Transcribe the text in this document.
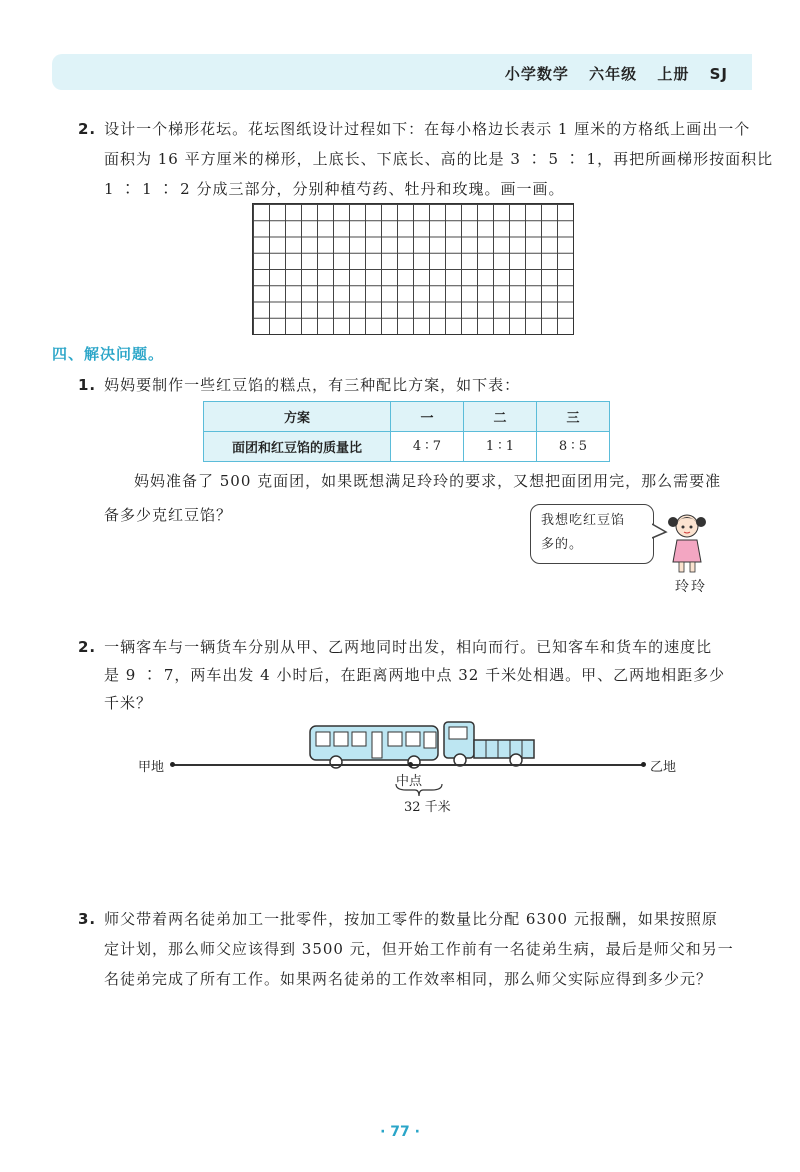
小学数学 六年级 上册 SJ
2. 设计一个梯形花坛。花坛图纸设计过程如下：在每小格边长表示 1 厘米的方格纸上画出一个
面积为 16 平方厘米的梯形，上底长、下底长、高的比是 3 ∶ 5 ∶ 1，再把所画梯形按面积比
1 ∶ 1 ∶ 2 分成三部分，分别种植芍药、牡丹和玫瑰。画一画。
四、解决问题。
1. 妈妈要制作一些红豆馅的糕点，有三种配比方案，如下表：
方案	一	二	三
面团和红豆馅的质量比	4 ∶ 7	1 ∶ 1	8 ∶ 5
妈妈准备了 500 克面团，如果既想满足玲玲的要求，又想把面团用完，那么需要准
备多少克红豆馅？	我想吃红豆馅
多的。
玲玲
2. 一辆客车与一辆货车分别从甲、乙两地同时出发，相向而行。已知客车和货车的速度比
是 9 ∶ 7，两车出发 4 小时后，在距离两地中点 32 千米处相遇。甲、乙两地相距多少
千米？
甲地	乙地
中点
32 千米
3. 师父带着两名徒弟加工一批零件，按加工零件的数量比分配 6300 元报酬，如果按照原
定计划，那么师父应该得到 3500 元，但开始工作前有一名徒弟生病，最后是师父和另一
名徒弟完成了所有工作。如果两名徒弟的工作效率相同，那么师父实际应得到多少元？
· 77 ·
